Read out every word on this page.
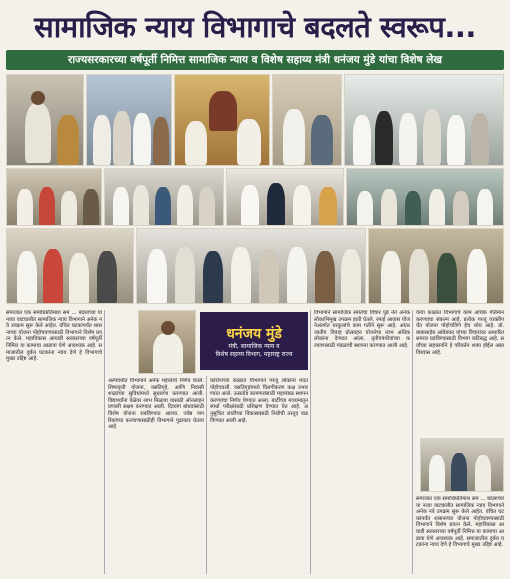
सामाजिक न्याय विभागाचे बदलते स्वरूप...
राज्यसरकारच्या वर्षपूर्ती निमित्त सामाजिक न्याय व विशेष सहाय्य मंत्री धनंजय मुंडे यांचा विशेष लेख
समाजात एक समाधिप्रतिमाश सम ... बदलाच्या या नव्या वाटचालीत सामाजिक न्याय विभागाने अनेक नवे उपक्रम सुरू केले आहेत. वंचित घटकांपर्यंत शासनाच्या योजना पोहोचवण्यासाठी विभागाने विशेष प्रयत्न केले. महाविकास आघाडी सरकारच्या वर्षपूर्ती निमित्त या कामाचा आढावा घेणे आवश्यक आहे. समाजातील दुर्बल घटकांना न्याय देणे हे विभागाचे मुख्य उद्दिष्ट आहे.
अल्पवधीत विभागाने अनेक महत्त्वाचे निर्णय घेतले. शिष्यवृत्ती योजना, वसतिगृहे, आणि निवासी शाळांच्या सुविधांमध्ये सुधारणा करण्यात आली. विद्यार्थ्यांना वेळेवर लाभ मिळावा यासाठी ऑनलाइन प्रणाली सक्षम करण्यात आली. दिव्यांग बांधवांसाठी विशेष योजना राबविण्यात आल्या. ज्येष्ठ नागरिकांच्या कल्याणासाठीही विभागाने पुढाकार घेतला आहे.
कोरोनाच्या काळात विभागाने गरजू लोकांना मदत पोहोचवली. वसतिगृहांमध्ये विलगीकरण कक्ष उभारण्यात आले. ऊसतोड कामगारांसाठी महामंडळ स्थापन करण्याचा निर्णय घेण्यात आला. बार्टीच्या माध्यमातून स्पर्धा परीक्षांसाठी प्रशिक्षण देण्यात येत आहे. अनुसूचित जातींच्या विकासासाठी निधीची तरतूद वाढविण्यात आली आहे.
विभागाने सामाजिक समतेचा विचार पुढे नेत अनेक लोकाभिमुख उपक्रम हाती घेतले. रमाई आवास योजनेअंतर्गत घरकुलांचे काम गतीने सुरू आहे. आंतरजातीय विवाह प्रोत्साहन योजनेचा लाभ अधिक लोकांना देण्यात आला. तृतीयपंथीयांच्या कल्याणासाठी मंडळाची स्थापना करण्यात आली आहे.
येत्या काळात विभागाचे काम अधिक गतिमान करण्याचा संकल्प आहे. प्रत्येक गरजू व्यक्तीपर्यंत योजना पोहोचविणे हेच ध्येय आहे. डॉ. बाबासाहेब आंबेडकर यांच्या विचारांवर आधारित समाज घडविण्यासाठी विभाग कटिबद्ध आहे. सर्वांच्या सहकार्याने हे परिवर्तन शक्य होईल असा विश्वास आहे.
समाजात एक समाधिप्रतिमाश सम ... बदलाच्या या नव्या वाटचालीत सामाजिक न्याय विभागाने अनेक नवे उपक्रम सुरू केले आहेत. वंचित घटकांपर्यंत शासनाच्या योजना पोहोचवण्यासाठी विभागाने विशेष प्रयत्न केले. महाविकास आघाडी सरकारच्या वर्षपूर्ती निमित्त या कामाचा आढावा घेणे आवश्यक आहे. समाजातील दुर्बल घटकांना न्याय देणे हे विभागाचे मुख्य उद्दिष्ट आहे.
धनंजय मुंडे
मंत्री, सामाजिक न्याय व
विशेष सहाय्य विभाग, महाराष्ट्र राज्य
